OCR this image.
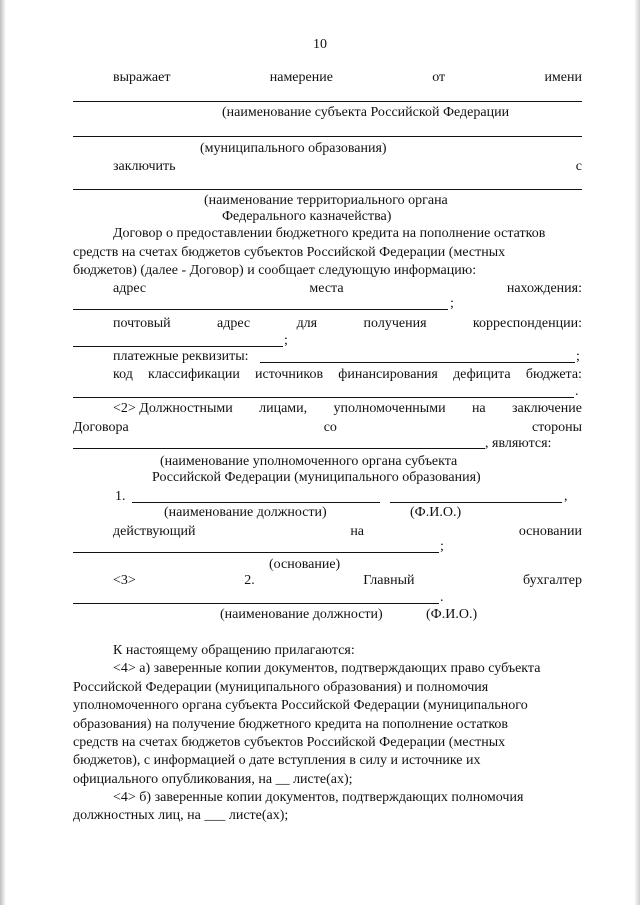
10
выражает	намерение	от	имени
(наименование субъекта Российской Федерации
(муниципального образования)
заключить	с
(наименование территориального органа
Федерального казначейства)
Договор о предоставлении бюджетного кредита на пополнение остатков
средств на счетах бюджетов субъектов Российской Федерации (местных
бюджетов) (далее - Договор) и сообщает следующую информацию:
адрес	места	нахождения:
;
почтовый	адрес	для	получения	корреспонденции:
;
платежные реквизиты:	;
код классификации источников финансирования дефицита бюджета:
.
<2> Должностными лицами, уполномоченными на заключение
Договора	со	стороны
, являются:
(наименование уполномоченного органа субъекта
Российской Федерации (муниципального образования)
1.	,
(наименование должности)	(Ф.И.О.)
действующий	на	основании
;
(основание)
<3>	2.	Главный	бухгалтер
.
(наименование должности)	(Ф.И.О.)
К настоящему обращению прилагаются:
<4> а) заверенные копии документов, подтверждающих право субъекта
Российской Федерации (муниципального образования) и полномочия
уполномоченного органа субъекта Российской Федерации (муниципального
образования) на получение бюджетного кредита на пополнение остатков
средств на счетах бюджетов субъектов Российской Федерации (местных
бюджетов), с информацией о дате вступления в силу и источнике их
официального опубликования, на __ листе(ах);
<4> б) заверенные копии документов, подтверждающих полномочия
должностных лиц, на ___ листе(ах);
